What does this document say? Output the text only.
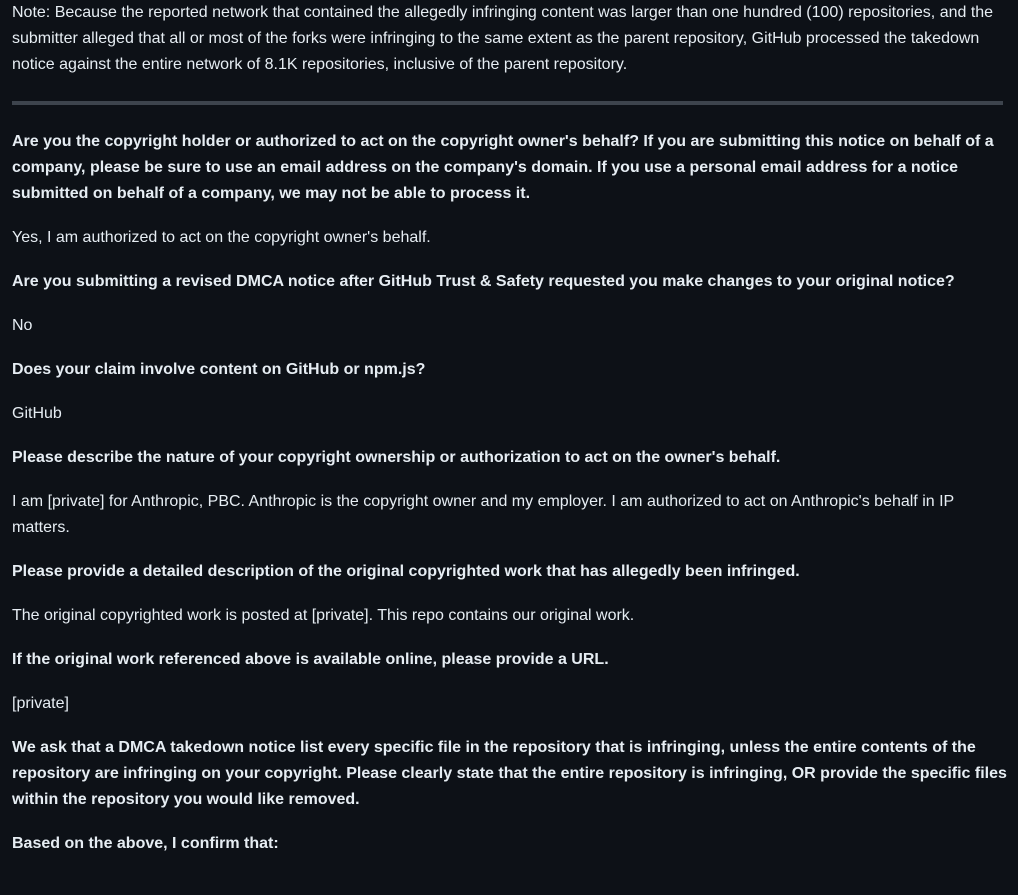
Note: Because the reported network that contained the allegedly infringing content was larger than one hundred (100) repositories, and the submitter alleged that all or most of the forks were infringing to the same extent as the parent repository, GitHub processed the takedown notice against the entire network of 8.1K repositories, inclusive of the parent repository.

Are you the copyright holder or authorized to act on the copyright owner's behalf? If you are submitting this notice on behalf of a company, please be sure to use an email address on the company's domain. If you use a personal email address for a notice submitted on behalf of a company, we may not be able to process it.

Yes, I am authorized to act on the copyright owner's behalf.

Are you submitting a revised DMCA notice after GitHub Trust & Safety requested you make changes to your original notice?

No

Does your claim involve content on GitHub or npm.js?

GitHub

Please describe the nature of your copyright ownership or authorization to act on the owner's behalf.

I am [private] for Anthropic, PBC. Anthropic is the copyright owner and my employer. I am authorized to act on Anthropic's behalf in IP matters.

Please provide a detailed description of the original copyrighted work that has allegedly been infringed.

The original copyrighted work is posted at [private]. This repo contains our original work.

If the original work referenced above is available online, please provide a URL.

[private]

We ask that a DMCA takedown notice list every specific file in the repository that is infringing, unless the entire contents of the repository are infringing on your copyright. Please clearly state that the entire repository is infringing, OR provide the specific files within the repository you would like removed.

Based on the above, I confirm that:
